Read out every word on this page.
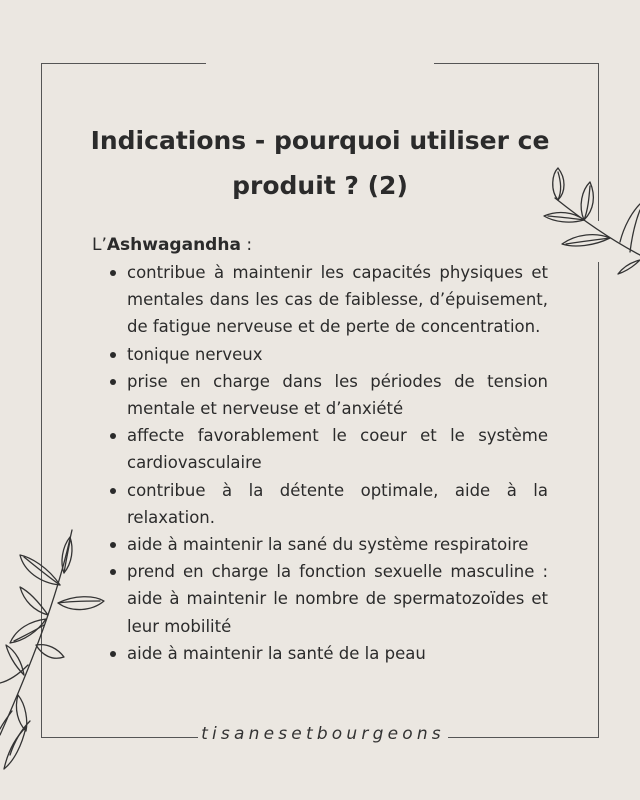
Indications - pourquoi utiliser ce
produit ? (2)
L’Ashwagandha :
contribue à maintenir les capacités physiques et mentales dans les cas de faiblesse, d’épuisement, de fatigue nerveuse et de perte de concentration.
tonique nerveux
prise en charge dans les périodes de tension mentale et nerveuse et d’anxiété
affecte favorablement le coeur et le système cardiovasculaire
contribue à la détente optimale, aide à la relaxation.
aide à maintenir la sané du système respiratoire
prend en charge la fonction sexuelle masculine : aide à maintenir le nombre de spermatozoïdes et leur mobilité
aide à maintenir la santé de la peau
tisanesetbourgeons
